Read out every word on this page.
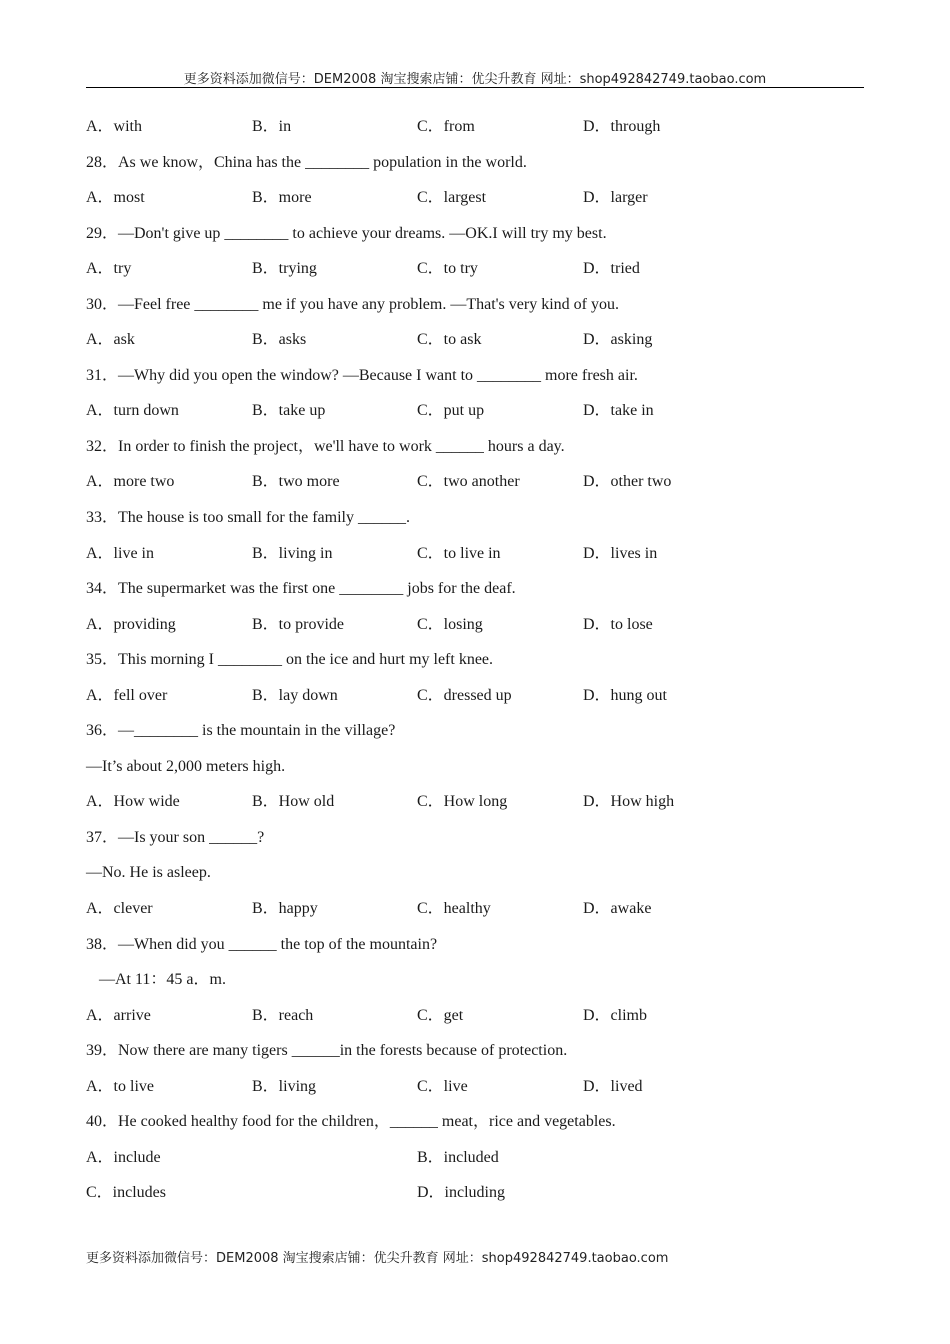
更多资料添加微信号：DEM2008 淘宝搜索店铺：优尖升教育 网址：shop492842749.taobao.com
A．with	B．in	C．from	D．through
28．As we know，China has the ________ population in the world.
A．most	B．more	C．largest	D．larger
29．—Don't give up ________ to achieve your dreams. —OK.I will try my best.
A．try	B．trying	C．to try	D．tried
30．—Feel free ________ me if you have any problem. —That's very kind of you.
A．ask	B．asks	C．to ask	D．asking
31．—Why did you open the window? —Because I want to ________ more fresh air.
A．turn down	B．take up	C．put up	D．take in
32．In order to finish the project，we'll have to work ______ hours a day.
A．more two	B．two more	C．two another	D．other two
33．The house is too small for the family ______.
A．live in	B．living in	C．to live in	D．lives in
34．The supermarket was the first one ________ jobs for the deaf.
A．providing	B．to provide	C．losing	D．to lose
35．This morning I ________ on the ice and hurt my left knee.
A．fell over	B．lay down	C．dressed up	D．hung out
36．—________ is the mountain in the village?
—It’s about 2,000 meters high.
A．How wide	B．How old	C．How long	D．How high
37．—Is your son ______?
—No. He is asleep.
A．clever	B．happy	C．healthy	D．awake
38．—When did you ______ the top of the mountain?
—At 11：45 a．m.
A．arrive	B．reach	C．get	D．climb
39．Now there are many tigers ______in the forests because of protection.
A．to live	B．living	C．live	D．lived
40．He cooked healthy food for the children，______ meat，rice and vegetables.
A．include	B．included
C．includes	D．including
更多资料添加微信号：DEM2008 淘宝搜索店铺：优尖升教育 网址：shop492842749.taobao.com
